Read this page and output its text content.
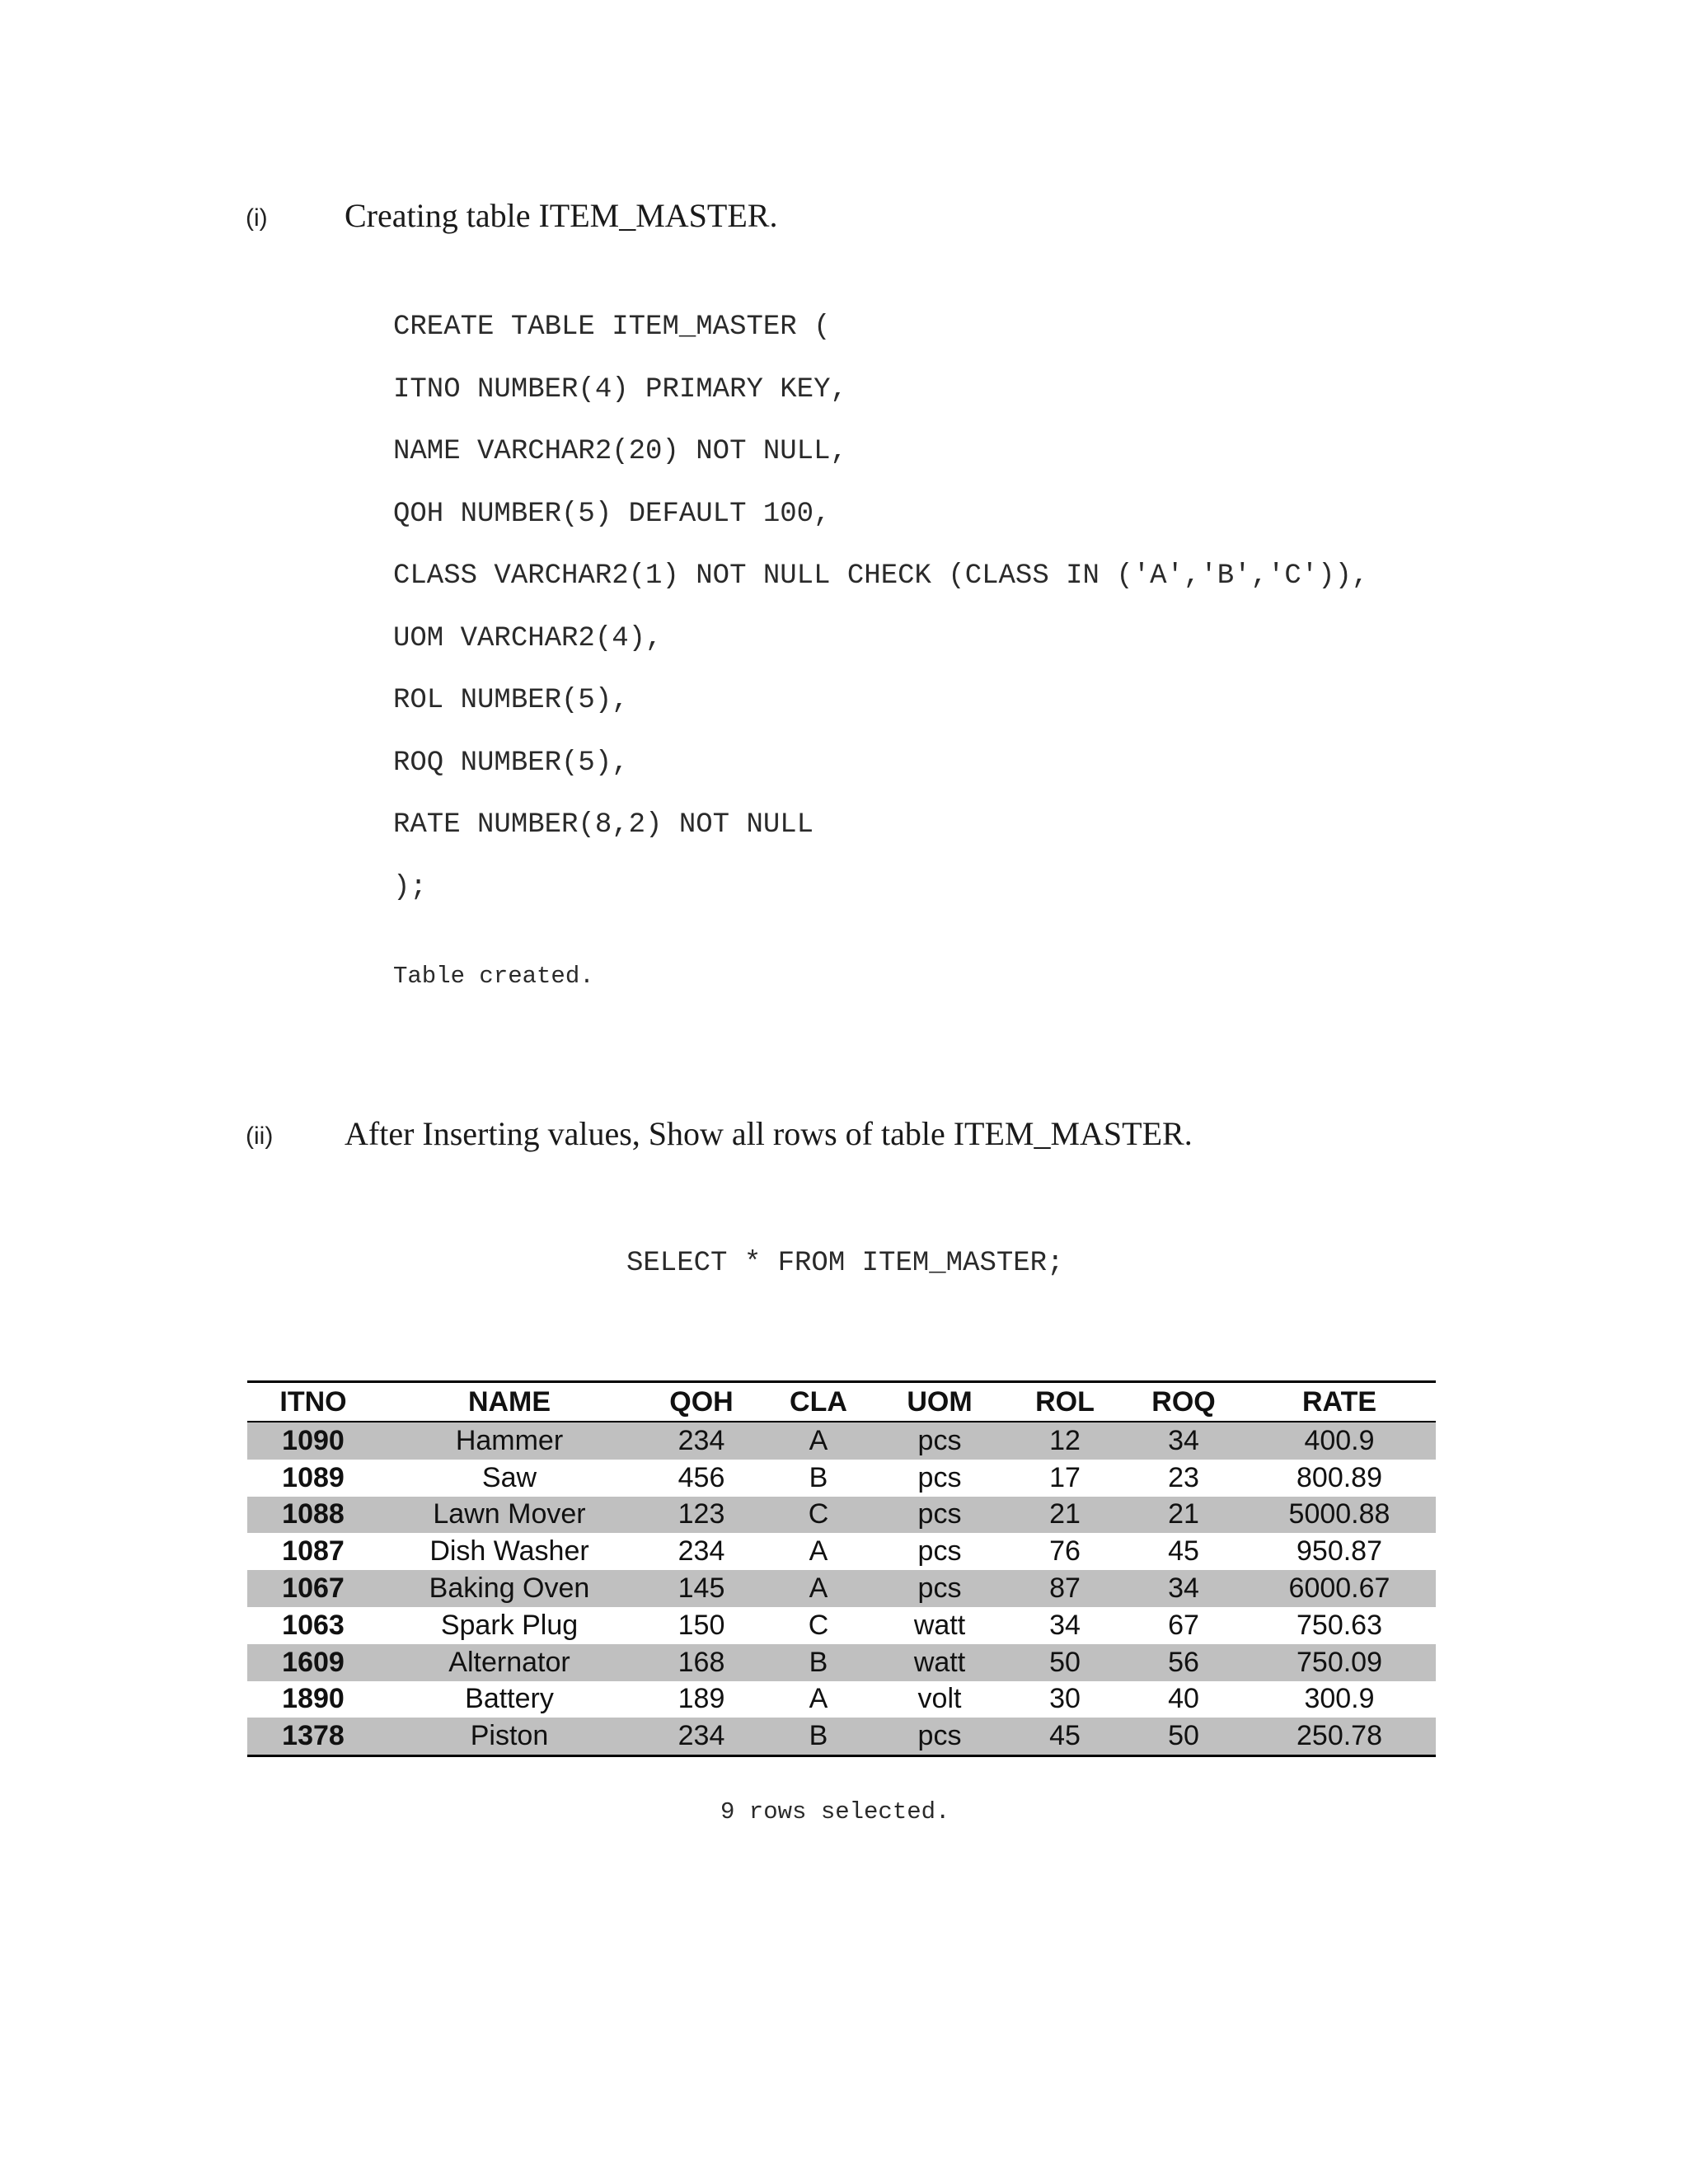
(i) Creating table ITEM_MASTER.
CREATE TABLE ITEM_MASTER (
ITNO NUMBER(4) PRIMARY KEY,
NAME VARCHAR2(20) NOT NULL,
QOH NUMBER(5) DEFAULT 100,
CLASS VARCHAR2(1) NOT NULL CHECK (CLASS IN ('A','B','C')),
UOM VARCHAR2(4),
ROL NUMBER(5),
ROQ NUMBER(5),
RATE NUMBER(8,2) NOT NULL
);
Table created.
(ii) After Inserting values, Show all rows of table ITEM_MASTER.
SELECT * FROM ITEM_MASTER;
ITNO	NAME	QOH	CLA	UOM	ROL	ROQ	RATE
1090	Hammer	234	A	pcs	12	34	400.9
1089	Saw	456	B	pcs	17	23	800.89
1088	Lawn Mover	123	C	pcs	21	21	5000.88
1087	Dish Washer	234	A	pcs	76	45	950.87
1067	Baking Oven	145	A	pcs	87	34	6000.67
1063	Spark Plug	150	C	watt	34	67	750.63
1609	Alternator	168	B	watt	50	56	750.09
1890	Battery	189	A	volt	30	40	300.9
1378	Piston	234	B	pcs	45	50	250.78
9 rows selected.
